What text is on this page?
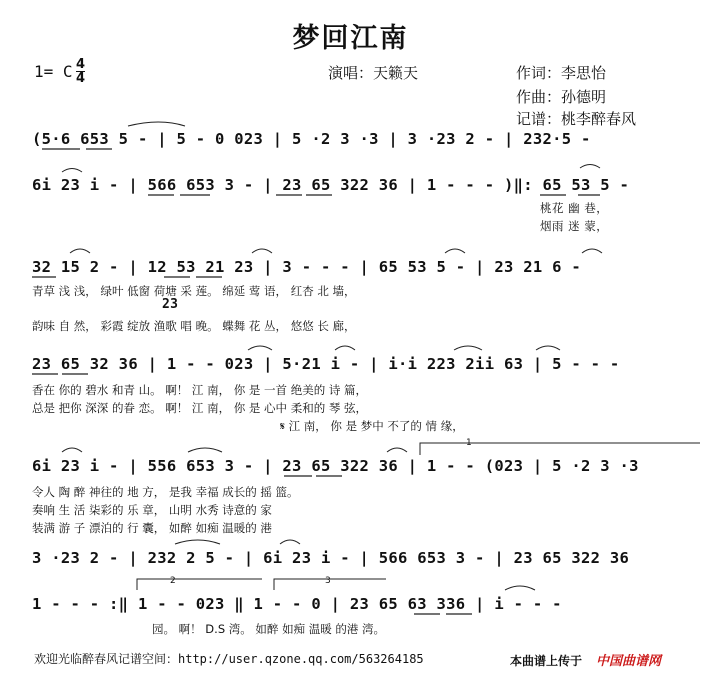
梦回江南
1= C 4
4	演唱：天籁天	作词：李思怡
作曲：孙德明
记谱：桃李醉春风
(5·6 653 5 - | 5 - 0 023 | 5 ·2 3 ·3 | 3 ·23 2 - | 232·5 -
6i 23 i - | 566 653 3 - | 23 65 322 36 | 1 - - - )‖: 65 53 5 -
桃花 幽 巷，
烟雨 迷 蒙，
32 15 2 - | 12 53 21 23 | 3 - - - | 65 53 5 - | 23 21 6 -
23
青草 浅 浅， 绿叶 低窗 荷塘 采 莲。 绵延 莺 语， 红杏 北 墙，
韵味 自 然， 彩霞 绽放 渔歌 唱 晚。 蝶舞 花 丛， 悠悠 长 廊，
23 65 32 36 | 1 - - 023 | 5·21 i - | i·i 223 2ii 63 | 5 - - -
香在 你的 碧水 和青 山。 啊！ 江 南， 你 是 一首 绝美的 诗 篇，
总是 把你 深深 的眷 恋。 啊！ 江 南， 你 是 心中 柔和的 琴 弦，
𝄋 江 南， 你 是 梦中 不了的 情 缘，
6i 23 i - | 556 653 3 - | 23 65 322 36 | 1 - - (023 | 5 ·2 3 ·3
令人 陶 醉 神往的 地 方， 是我 幸福 成长的 摇 篮。
奏响 生 活 柒彩的 乐 章， 山明 水秀 诗意的 家
装满 游 子 漂泊的 行 囊， 如醉 如痴 温暖的 港
3 ·23 2 - | 232 2 5 - | 6i 23 i - | 566 653 3 - | 23 65 322 36
1 - - - :‖ 1 - - 023 ‖ 1 - - 0 | 23 65 63 336 | i - - -
园。 啊！ D.S 湾。 如醉 如痴 温暖 的港 湾。
1
2	3
欢迎光临醉春风记谱空间：http://user.qzone.qq.com/563264185	本曲谱上传于 中国曲谱网
